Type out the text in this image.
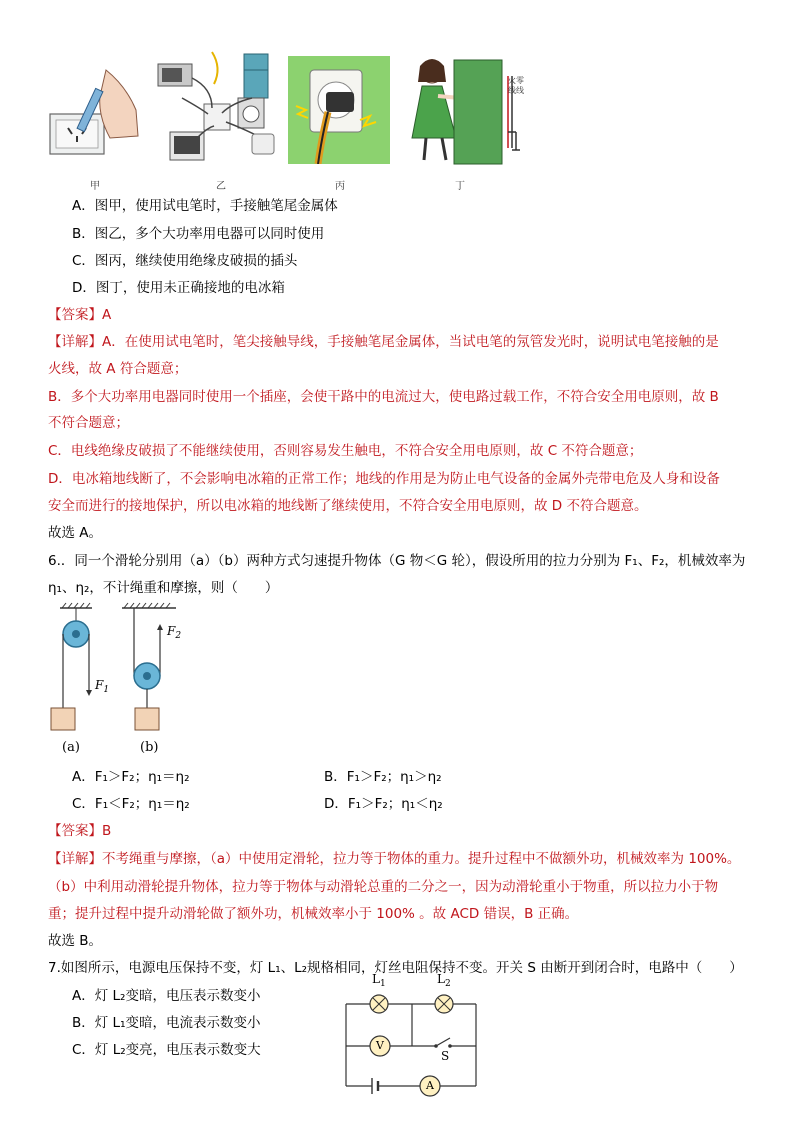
甲	乙	丙
火零线线
丁
A．图甲，使用试电笔时，手接触笔尾金属体
B．图乙，多个大功率用电器可以同时使用
C．图丙，继续使用绝缘皮破损的插头
D．图丁，使用未正确接地的电冰箱
【答案】A
【详解】A．在使用试电笔时，笔尖接触导线，手接触笔尾金属体，当试电笔的氖管发光时，说明试电笔接触的是
火线，故 A 符合题意；
B．多个大功率用电器同时使用一个插座，会使干路中的电流过大，使电路过载工作，不符合安全用电原则，故 B
不符合题意；
C．电线绝缘皮破损了不能继续使用，否则容易发生触电，不符合安全用电原则，故 C 不符合题意；
D．电冰箱地线断了，不会影响电冰箱的正常工作；地线的作用是为防止电气设备的金属外壳带电危及人身和设备
安全而进行的接地保护，所以电冰箱的地线断了继续使用，不符合安全用电原则，故 D 不符合题意。
故选 A。
6.．同一个滑轮分别用（a）（b）两种方式匀速提升物体（G 物＜G 轮），假设所用的拉力分别为 F₁、F₂，机械效率为
η₁、η₂，不计绳重和摩擦，则（　　）
$F_1$
$F_2$
(a)	(b)
A．F₁＞F₂；η₁＝η₂	B．F₁＞F₂；η₁＞η₂
C．F₁＜F₂；η₁＝η₂	D．F₁＞F₂；η₁＜η₂
【答案】B
【详解】不考绳重与摩擦，（a）中使用定滑轮，拉力等于物体的重力。提升过程中不做额外功，机械效率为 100%。
（b）中利用动滑轮提升物体，拉力等于物体与动滑轮总重的二分之一，因为动滑轮重小于物重，所以拉力小于物
重；提升过程中提升动滑轮做了额外功，机械效率小于 100% 。故 ACD 错误，B 正确。
故选 B。
7.如图所示，电源电压保持不变，灯 L₁、L₂规格相同，灯丝电阻保持不变。开关 S 由断开到闭合时，电路中（　　）
A．灯 L₂变暗，电压表示数变小
B．灯 L₁变暗，电流表示数变小
C．灯 L₂变亮，电压表示数变大
$L_1$	$L_2$
V
A
S
